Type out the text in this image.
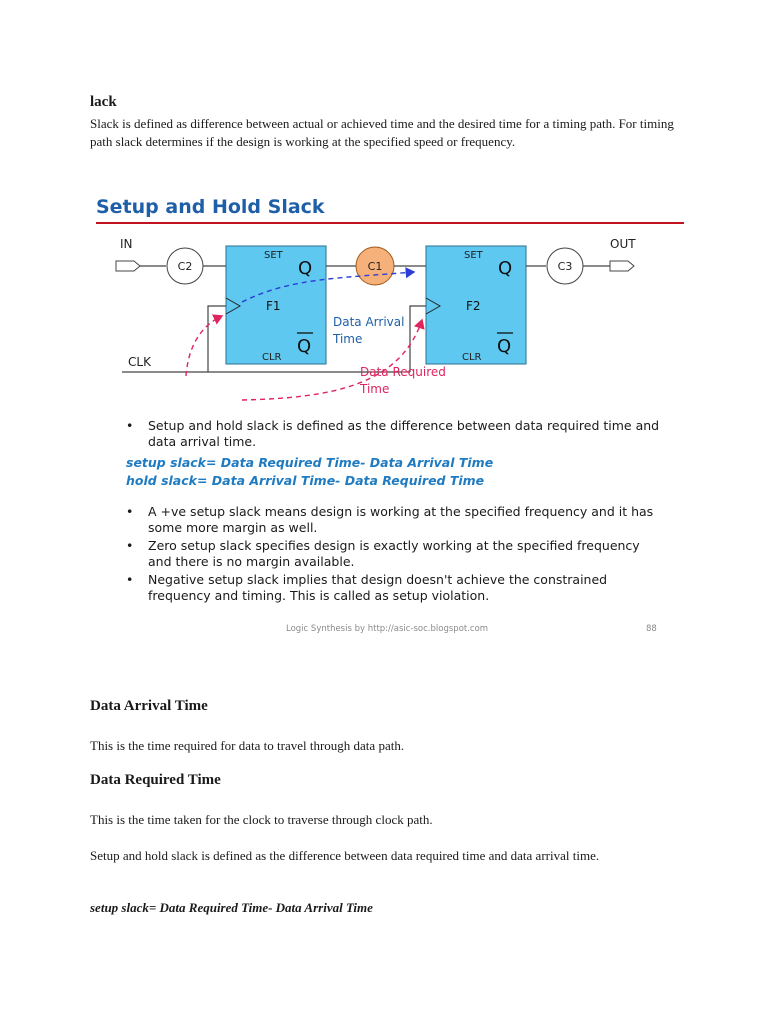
lack

Slack is defined as difference between actual or achieved time and the desired time for a timing path. For timing path slack determines if the design is working at the specified speed or frequency.

Setup and Hold Slack
IN
C2
SET
Q
F1
Q
CLR
C1
SET
Q
F2
Q
CLR
C3
OUT
CLK
Data Arrival
Time
Data Required
Time
• Setup and hold slack is defined as the difference between data required time and data arrival time.
setup slack= Data Required Time- Data Arrival Time
hold slack= Data Arrival Time- Data Required Time
• A +ve setup slack means design is working at the specified frequency and it has some more margin as well.
• Zero setup slack specifies design is exactly working at the specified frequency and there is no margin available.
• Negative setup slack implies that design doesn't achieve the constrained frequency and timing. This is called as setup violation.
Logic Synthesis by http://asic-soc.blogspot.com	88
Data Arrival Time

This is the time required for data to travel through data path.

Data Required Time

This is the time taken for the clock to traverse through clock path.

Setup and hold slack is defined as the difference between data required time and data arrival time.

setup slack= Data Required Time- Data Arrival Time
